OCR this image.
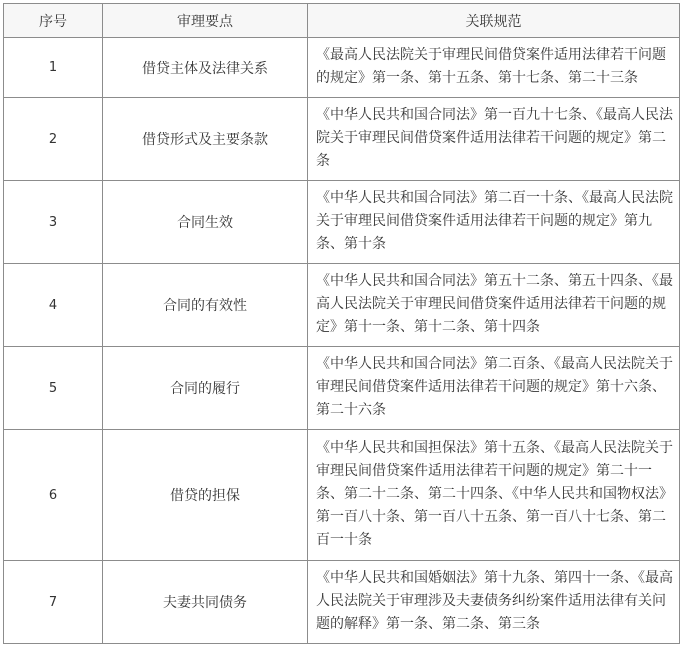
序号	审理要点	关联规范
1	借贷主体及法律关系	《最高人民法院关于审理民间借贷案件适用法律若干问题的规定》第一条、第十五条、第十七条、第二十三条
2	借贷形式及主要条款	《中华人民共和国合同法》第一百九十七条、《最高人民法院关于审理民间借贷案件适用法律若干问题的规定》第二条
3	合同生效	《中华人民共和国合同法》第二百一十条、《最高人民法院关于审理民间借贷案件适用法律若干问题的规定》第九条、第十条
4	合同的有效性	《中华人民共和国合同法》第五十二条、第五十四条、《最高人民法院关于审理民间借贷案件适用法律若干问题的规定》第十一条、第十二条、第十四条
5	合同的履行	《中华人民共和国合同法》第二百条、《最高人民法院关于审理民间借贷案件适用法律若干问题的规定》第十六条、第二十六条
6	借贷的担保	《中华人民共和国担保法》第十五条、《最高人民法院关于审理民间借贷案件适用法律若干问题的规定》第二十一条、第二十二条、第二十四条、《中华人民共和国物权法》第一百八十条、第一百八十五条、第一百八十七条、第二百一十条
7	夫妻共同债务	《中华人民共和国婚姻法》第十九条、第四十一条、《最高人民法院关于审理涉及夫妻债务纠纷案件适用法律有关问题的解释》第一条、第二条、第三条
